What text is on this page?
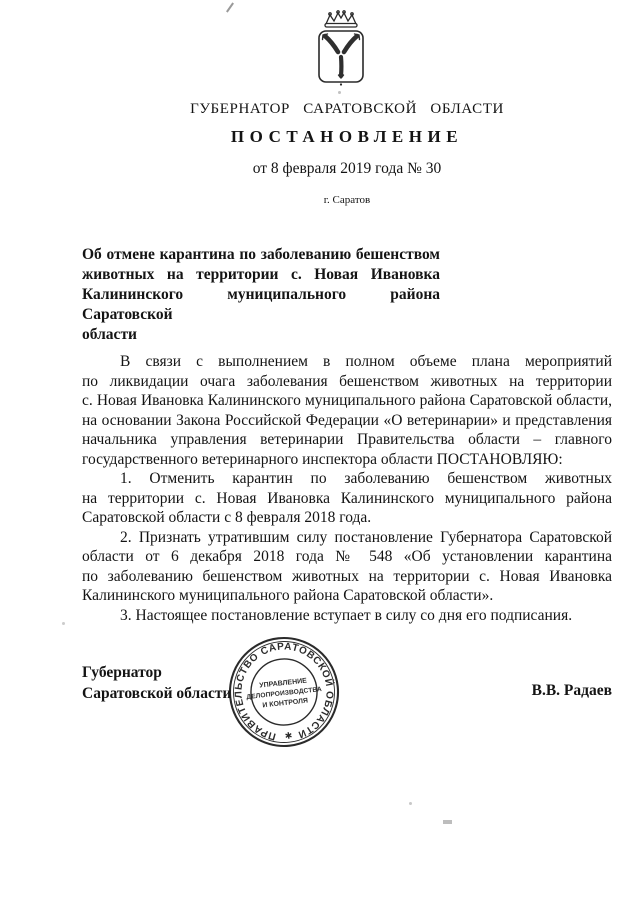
ГУБЕРНАТОР САРАТОВСКОЙ ОБЛАСТИ
ПОСТАНОВЛЕНИЕ
от 8 февраля 2019 года № 30
г. Саратов
Об отмене карантина по заболеванию бешенством
животных на территории с. Новая Ивановка
Калининского муниципального района Саратовской
области
В связи с выполнением в полном объеме плана мероприятий
по ликвидации очага заболевания бешенством животных на территории
с. Новая Ивановка Калининского муниципального района Саратовской области,
на основании Закона Российской Федерации «О ветеринарии» и представления
начальника управления ветеринарии Правительства области – главного
государственного ветеринарного инспектора области ПОСТАНОВЛЯЮ:
1. Отменить карантин по заболеванию бешенством животных
на территории с. Новая Ивановка Калининского муниципального района
Саратовской области с 8 февраля 2018 года.
2. Признать утратившим силу постановление Губернатора Саратовской
области от 6 декабря 2018 года № 548 «Об установлении карантина
по заболеванию бешенством животных на территории с. Новая Ивановка
Калининского муниципального района Саратовской области».
3. Настоящее постановление вступает в силу со дня его подписания.
Губернатор
Саратовской области	В.В. Радаев
ПРАВИТЕЛЬСТВО САРАТОВСКОЙ ОБЛАСТИ
✱
УПРАВЛЕНИЕ
ДЕЛОПРОИЗВОДСТВА
И КОНТРОЛЯ
